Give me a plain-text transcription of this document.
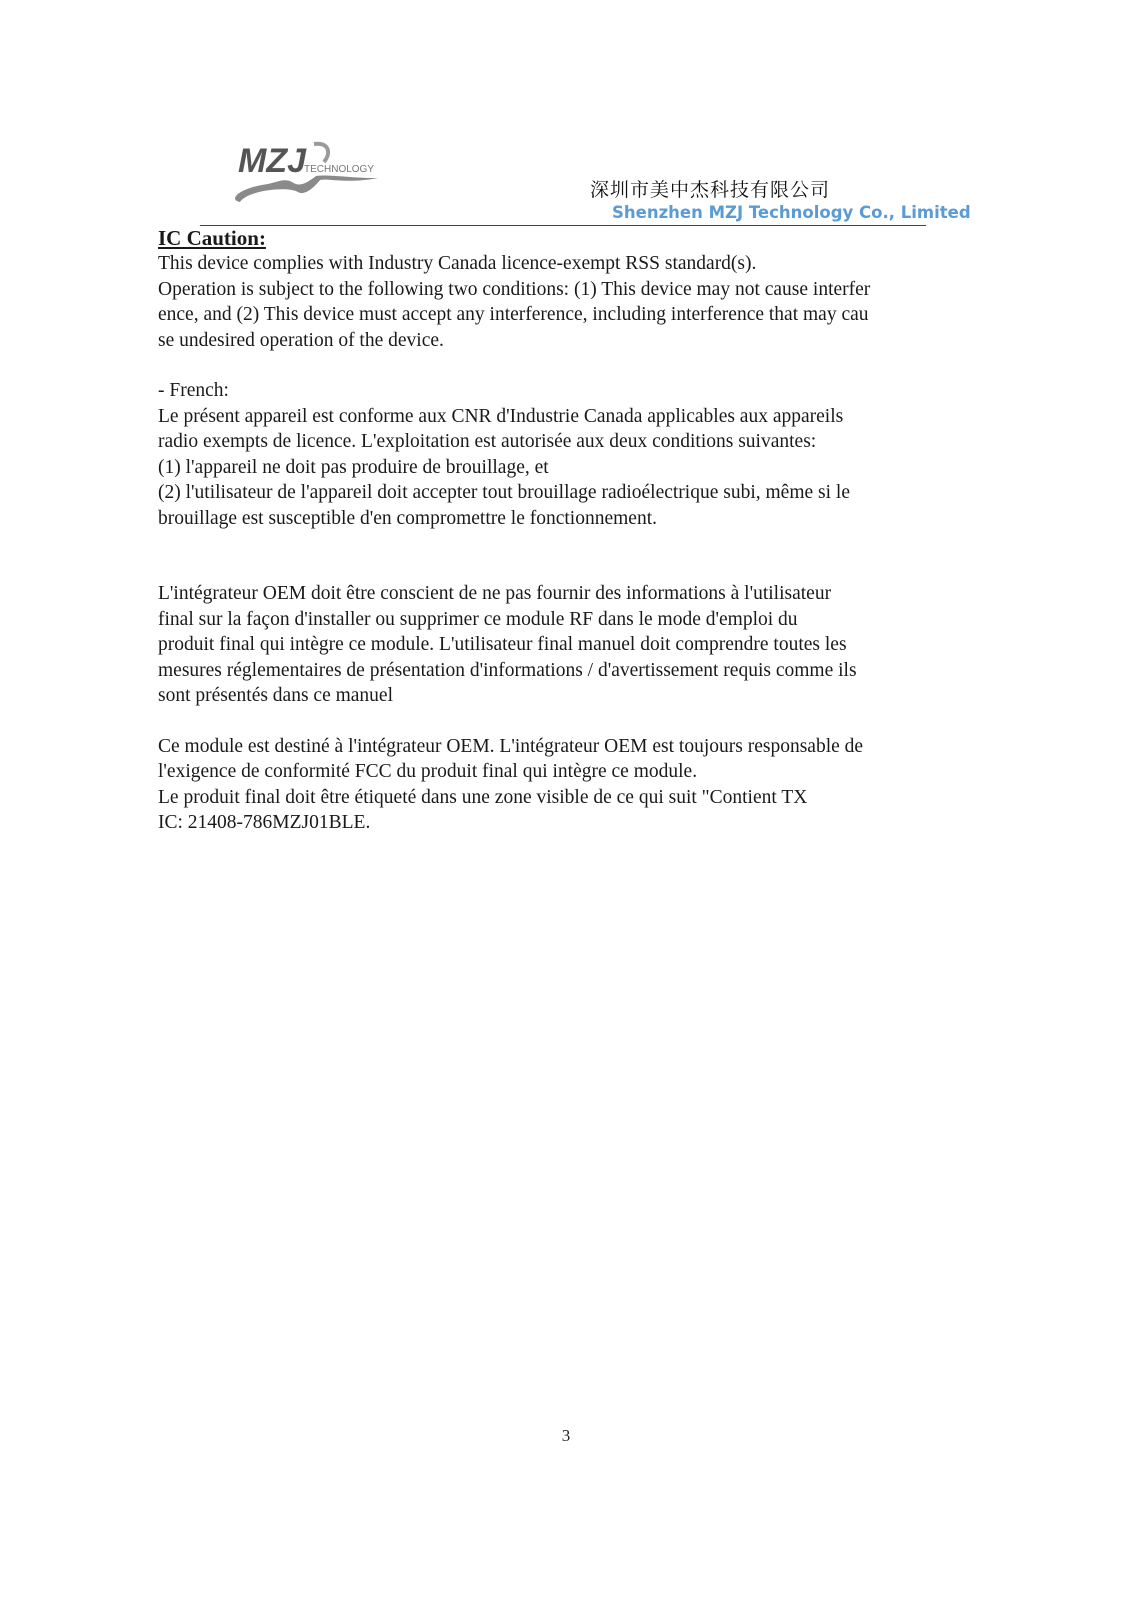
MZJ
TECHNOLOGY
深圳市美中杰科技有限公司
Shenzhen MZJ Technology Co., Limited

IC Caution:

This device complies with Industry Canada licence-exempt RSS standard(s).

Operation is subject to the following two conditions: (1) This device may not cause interfer

ence, and (2) This device must accept any interference, including interference that may cau

se undesired operation of the device.

- French:

Le présent appareil est conforme aux CNR d'Industrie Canada applicables aux appareils

radio exempts de licence. L'exploitation est autorisée aux deux conditions suivantes:

(1) l'appareil ne doit pas produire de brouillage, et

(2) l'utilisateur de l'appareil doit accepter tout brouillage radioélectrique subi, même si le

brouillage est susceptible d'en compromettre le fonctionnement.

L'intégrateur OEM doit être conscient de ne pas fournir des informations à l'utilisateur

final sur la façon d'installer ou supprimer ce module RF dans le mode d'emploi du

produit final qui intègre ce module. L'utilisateur final manuel doit comprendre toutes les

mesures réglementaires de présentation d'informations / d'avertissement requis comme ils

sont présentés dans ce manuel

Ce module est destiné à l'intégrateur OEM. L'intégrateur OEM est toujours responsable de

l'exigence de conformité FCC du produit final qui intègre ce module.

Le produit final doit être étiqueté dans une zone visible de ce qui suit "Contient TX

IC: 21408-786MZJ01BLE.

3
